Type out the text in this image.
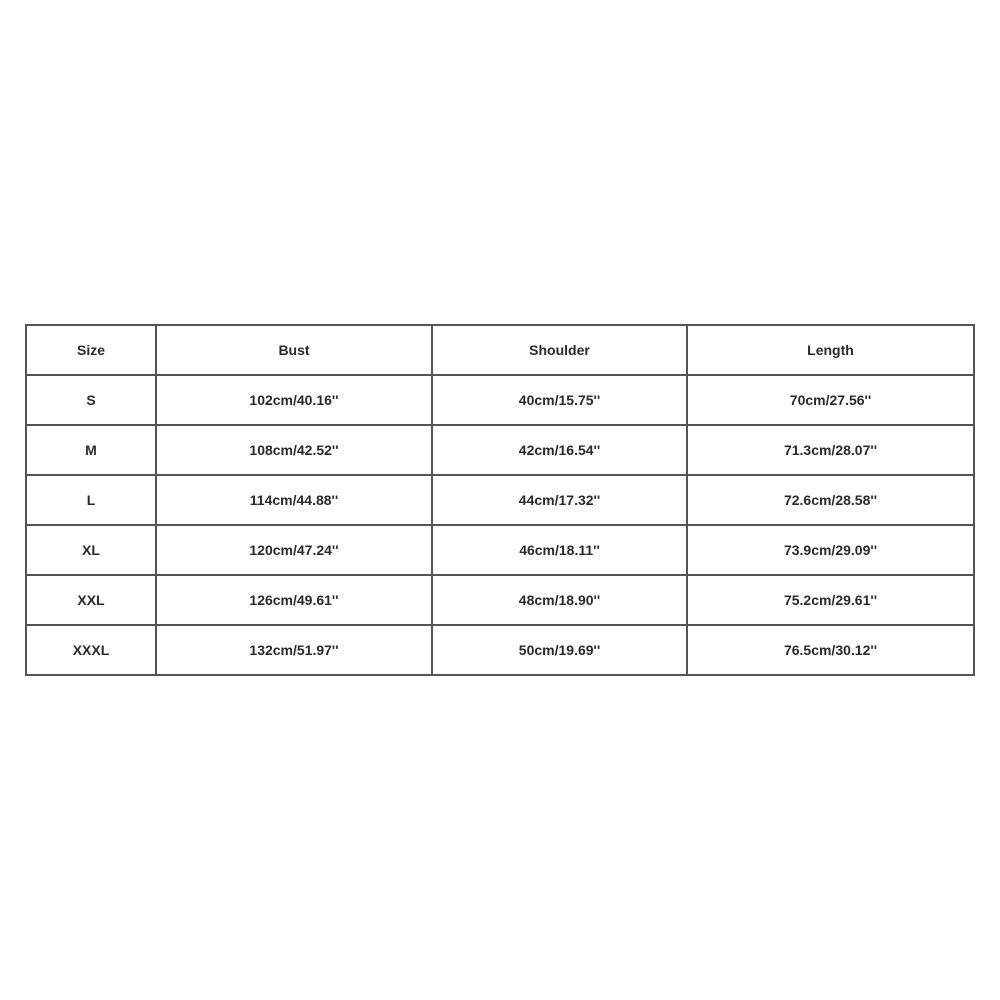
Size	Bust	Shoulder	Length
S	102cm/40.16''	40cm/15.75''	70cm/27.56''
M	108cm/42.52''	42cm/16.54''	71.3cm/28.07''
L	114cm/44.88''	44cm/17.32''	72.6cm/28.58''
XL	120cm/47.24''	46cm/18.11''	73.9cm/29.09''
XXL	126cm/49.61''	48cm/18.90''	75.2cm/29.61''
XXXL	132cm/51.97''	50cm/19.69''	76.5cm/30.12''
